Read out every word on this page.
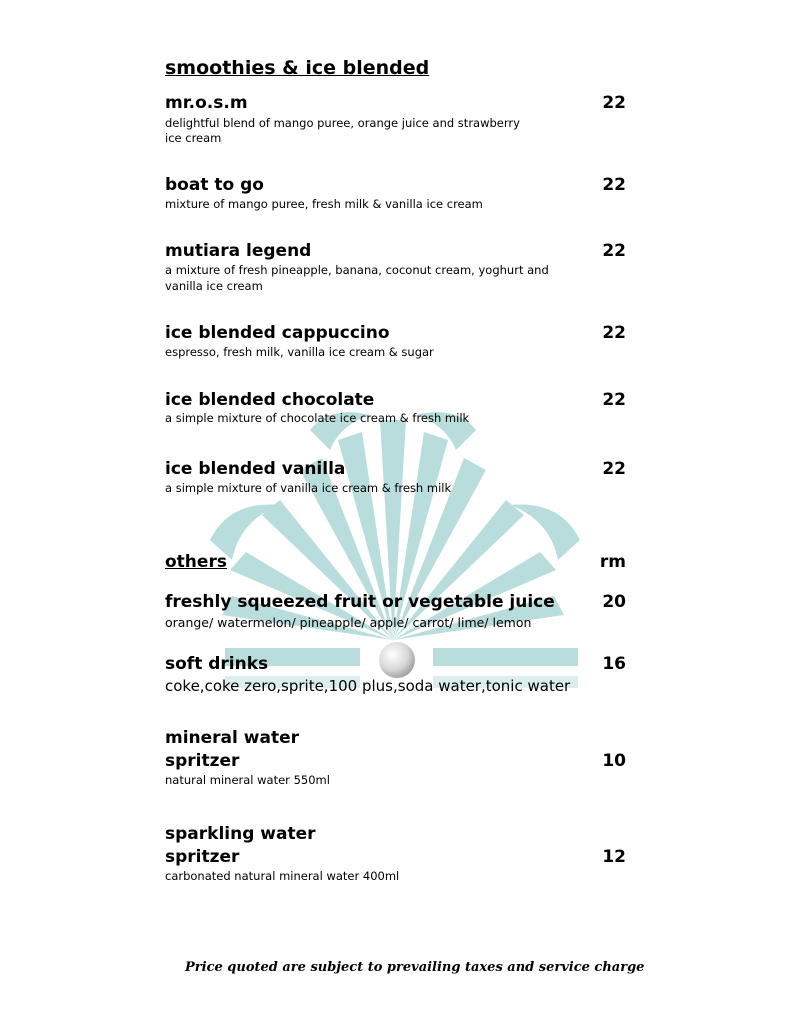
smoothies & ice blended
mr.o.s.m	22
delightful blend of mango puree, orange juice and strawberry
ice cream
boat to go	22
mixture of mango puree, fresh milk & vanilla ice cream
mutiara legend	22
a mixture of fresh pineapple, banana, coconut cream, yoghurt and
vanilla ice cream
ice blended cappuccino	22
espresso, fresh milk, vanilla ice cream & sugar
ice blended chocolate	22
a simple mixture of chocolate ice cream & fresh milk
ice blended vanilla	22
a simple mixture of vanilla ice cream & fresh milk
others	rm
freshly squeezed fruit or vegetable juice	20
orange/ watermelon/ pineapple/ apple/ carrot/ lime/ lemon
soft drinks	16
coke,coke zero,sprite,100 plus,soda water,tonic water
mineral water
spritzer	10
natural mineral water 550ml
sparkling water
spritzer	12
carbonated natural mineral water 400ml
Price quoted are subject to prevailing taxes and service charge
